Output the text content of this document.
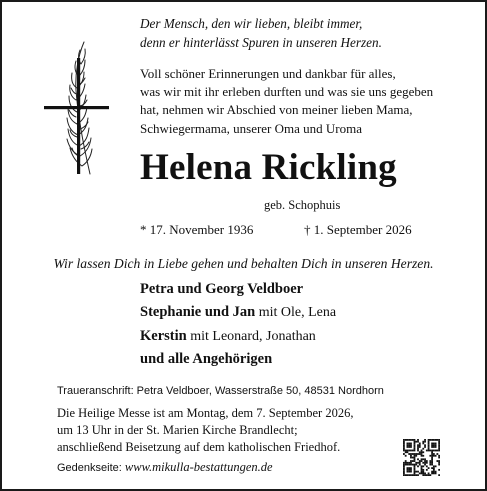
Der Mensch, den wir lieben, bleibt immer,
denn er hinterlässt Spuren in unseren Herzen.
Voll schöner Erinnerungen und dankbar für alles,
was wir mit ihr erleben durften und was sie uns gegeben
hat, nehmen wir Abschied von meiner lieben Mama,
Schwiegermama, unserer Oma und Uroma
Helena Rickling
geb. Schophuis
* 17. November 1936	† 1. September 2026
Wir lassen Dich in Liebe gehen und behalten Dich in unseren Herzen.
Petra und Georg Veldboer
Stephanie und Jan mit Ole, Lena
Kerstin mit Leonard, Jonathan
und alle Angehörigen
Traueranschrift: Petra Veldboer, Wasserstraße 50, 48531 Nordhorn
Die Heilige Messe ist am Montag, dem 7. September 2026,
um 13 Uhr in der St. Marien Kirche Brandlecht;
anschließend Beisetzung auf dem katholischen Friedhof.
Gedenkseite: www.mikulla-bestattungen.de
